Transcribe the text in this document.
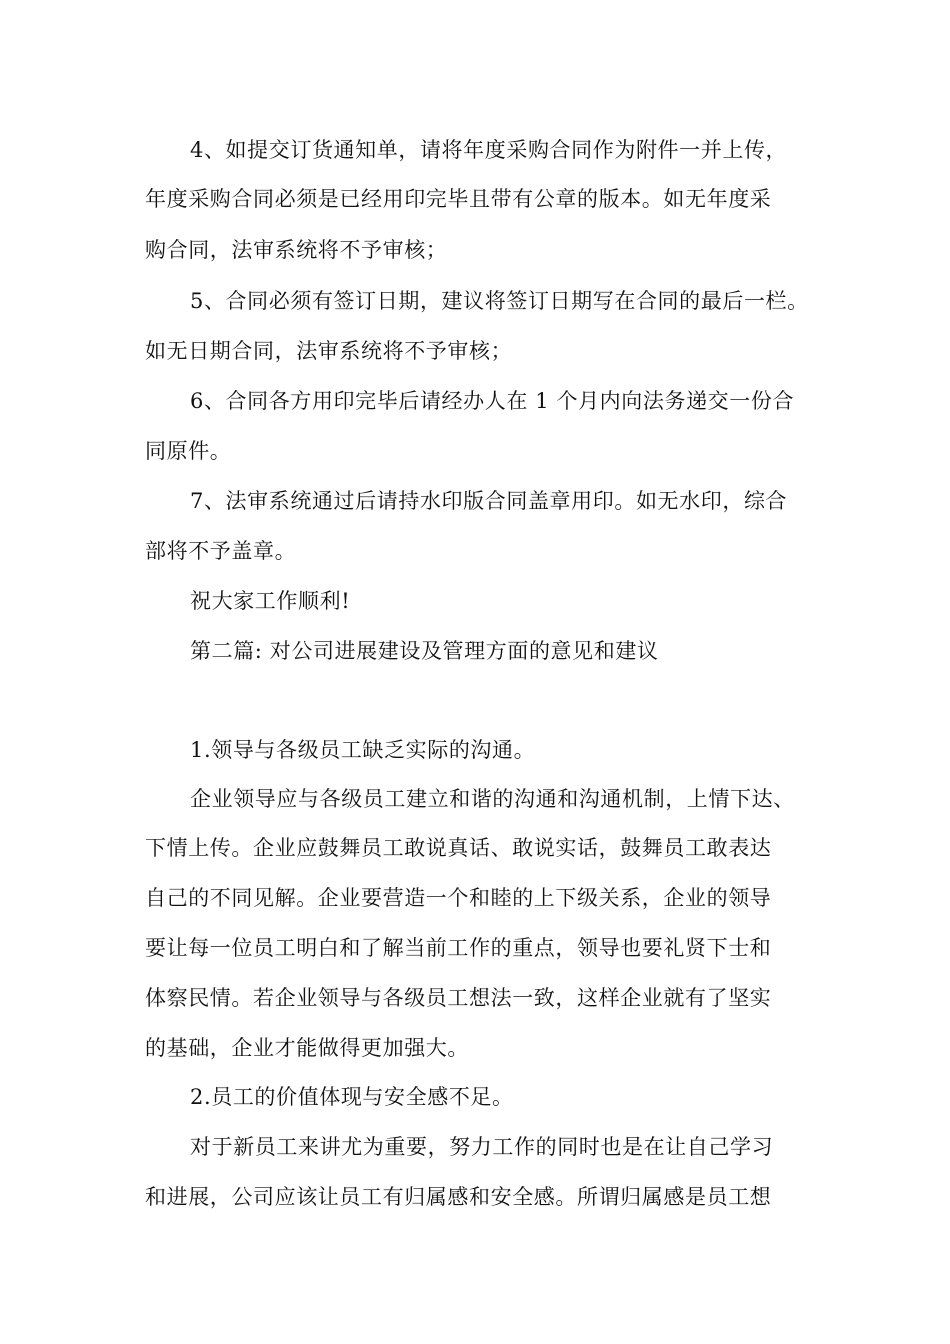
4、如提交订货通知单，请将年度采购合同作为附件一并上传，
年度采购合同必须是已经用印完毕且带有公章的版本。如无年度采
购合同，法审系统将不予审核；
5、合同必须有签订日期，建议将签订日期写在合同的最后一栏。
如无日期合同，法审系统将不予审核；
6、合同各方用印完毕后请经办人在 1 个月内向法务递交一份合
同原件。
7、法审系统通过后请持水印版合同盖章用印。如无水印，综合
部将不予盖章。
祝大家工作顺利!
第二篇: 对公司进展建设及管理方面的意见和建议
1.领导与各级员工缺乏实际的沟通。
企业领导应与各级员工建立和谐的沟通和沟通机制，上情下达、
下情上传。企业应鼓舞员工敢说真话、敢说实话，鼓舞员工敢表达
自己的不同见解。企业要营造一个和睦的上下级关系，企业的领导
要让每一位员工明白和了解当前工作的重点，领导也要礼贤下士和
体察民情。若企业领导与各级员工想法一致，这样企业就有了坚实
的基础，企业才能做得更加强大。
2.员工的价值体现与安全感不足。
对于新员工来讲尤为重要，努力工作的同时也是在让自己学习
和进展，公司应该让员工有归属感和安全感。所谓归属感是员工想
